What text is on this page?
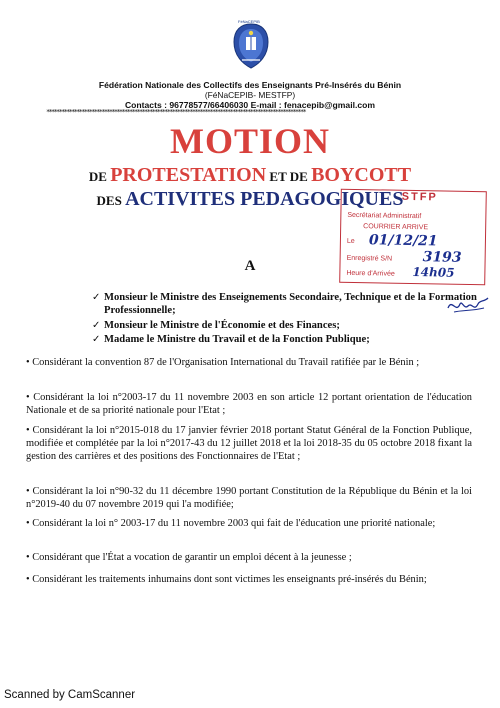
FéNaCEPIB
Fédération Nationale des Collectifs des Enseignants Pré-Insérés du Bénin
(FéNaCEPIB- MESTFP)
Contacts : 96778577/66406030 E-mail : fenacepib@gmail.com
*******************************************************************************************************
MOTION
DE PROTESTATION ET DE BOYCOTT
DES ACTIVITES PEDAGOGIQUES
STFP
Secrétariat Administratif
COURRIER ARRIVE
Le 01/12/21
Enregistré S/N 3193
Heure d'Arrivée 14h05
A
✓ Monsieur le Ministre des Enseignements Secondaire, Technique et de la Formation Professionnelle;
✓ Monsieur le Ministre de l'Économie et des Finances;
✓ Madame le Ministre du Travail et de la Fonction Publique;
• Considérant la convention 87 de l'Organisation International du Travail ratifiée par le Bénin ;
• Considérant la loi n°2003-17 du 11 novembre 2003 en son article 12 portant orientation de l'éducation Nationale et de sa priorité nationale pour l'Etat ;
• Considérant la loi n°2015-018 du 17 janvier février 2018 portant Statut Général de la Fonction Publique, modifiée et complétée par la loi n°2017-43 du 12 juillet 2018 et la loi 2018-35 du 05 octobre 2018 fixant la gestion des carrières et des positions des Fonctionnaires de l'Etat ;
• Considérant la loi n°90-32 du 11 décembre 1990 portant Constitution de la République du Bénin et la loi n°2019-40 du 07 novembre 2019 qui l'a modifiée;
• Considérant la loi n° 2003-17 du 11 novembre 2003 qui fait de l'éducation une priorité nationale;
• Considérant que l'État a vocation de garantir un emploi décent à la jeunesse ;
• Considérant les traitements inhumains dont sont victimes les enseignants pré-insérés du Bénin;
Scanned by CamScanner
